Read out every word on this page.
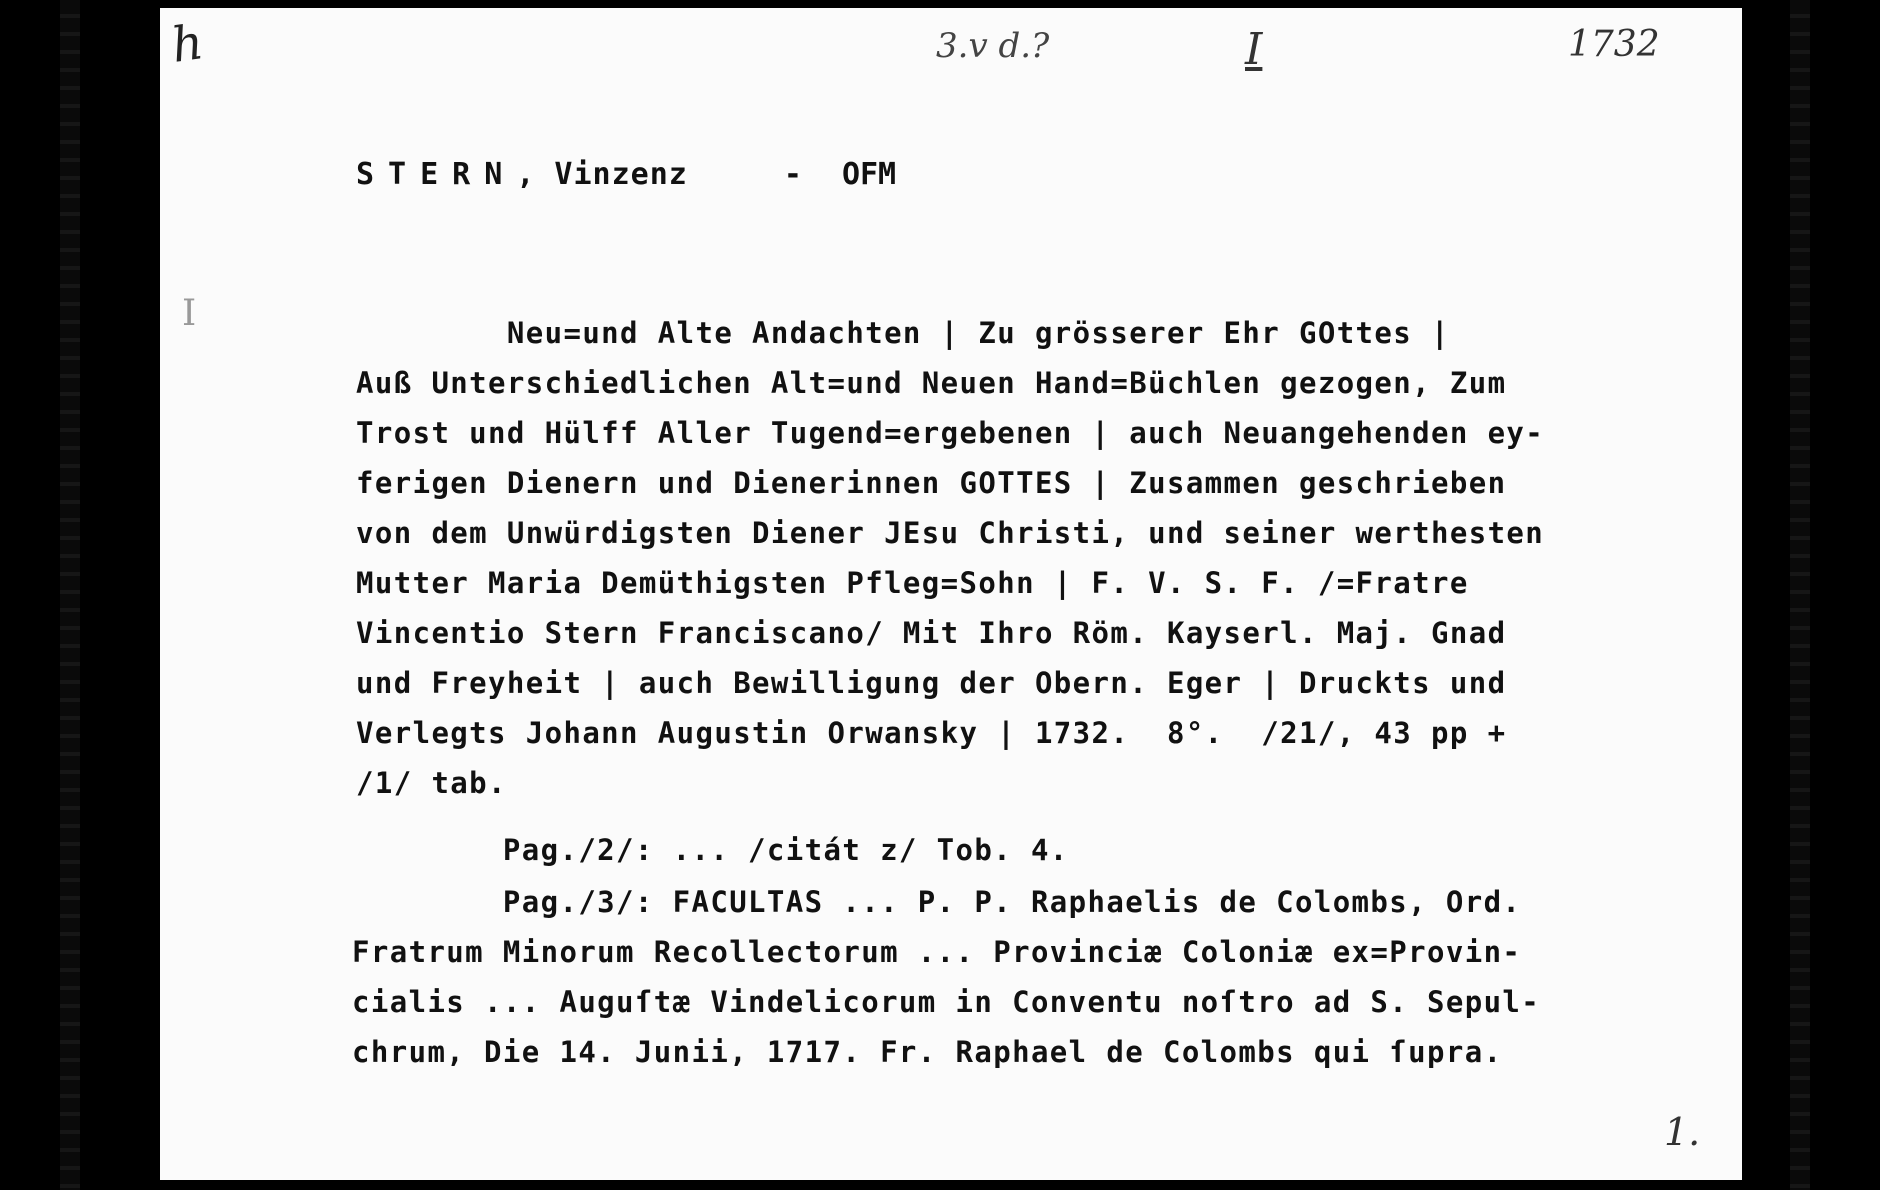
h	3.v d.?	I	1732
I
1.
STERN, Vinzenz	- OFM
Neu=und Alte Andachten | Zu grösserer Ehr GOttes |
Auß Unterschiedlichen Alt=und Neuen Hand=Büchlen gezogen, Zum
Trost und Hülff Aller Tugend=ergebenen | auch Neuangehenden ey-
ferigen Dienern und Dienerinnen GOTTES | Zusammen geschrieben
von dem Unwürdigsten Diener JEsu Christi, und seiner werthesten
Mutter Maria Demüthigsten Pfleg=Sohn | F. V. S. F. /=Fratre
Vincentio Stern Franciscano/ Mit Ihro Röm. Kayserl. Maj. Gnad
und Freyheit | auch Bewilligung der Obern. Eger | Druckts und
Verlegts Johann Augustin Orwansky | 1732.  8°.  /21/, 43 pp +
/1/ tab.
Pag./2/: ... /citát z/ Tob. 4.
Pag./3/: FACULTAS ... P. P. Raphaelis de Colombs, Ord.
Fratrum Minorum Recollectorum ... Provinciæ Coloniæ ex=Provin-
cialis ... Auguſtæ Vindelicorum in Conventu noſtro ad S. Sepul-
chrum, Die 14. Junii, 1717. Fr. Raphael de Colombs qui ſupra.
